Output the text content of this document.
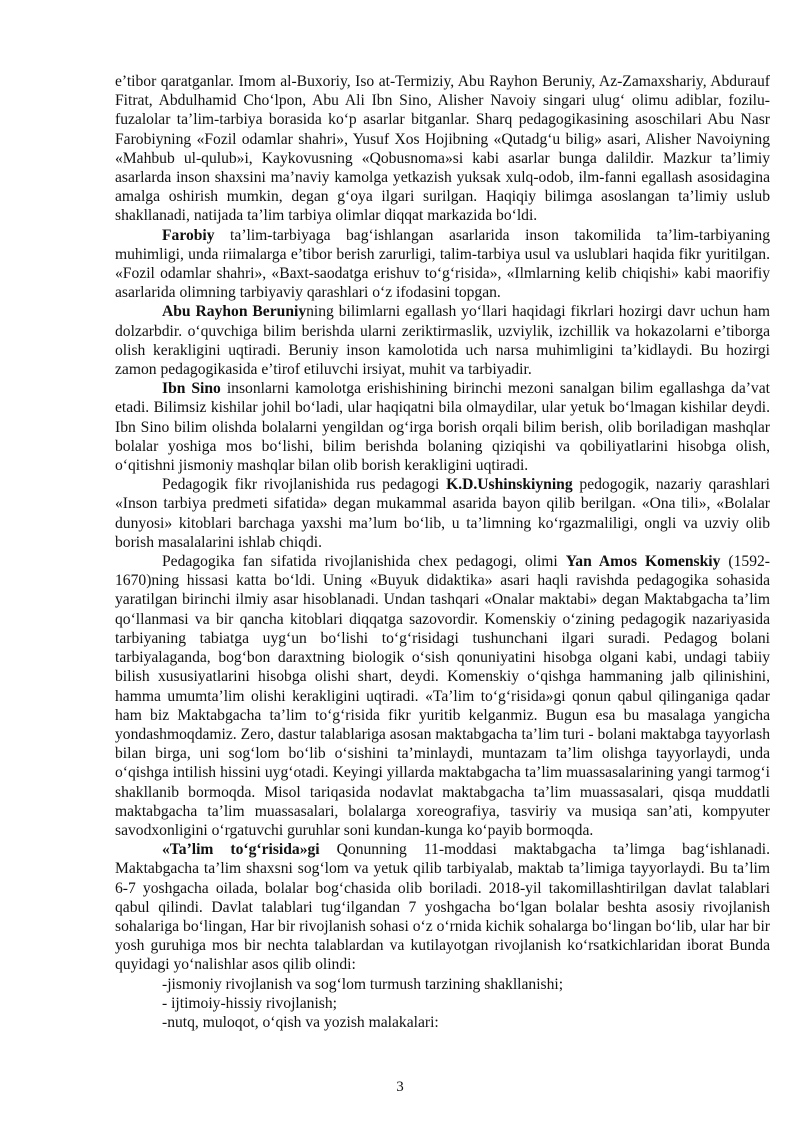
e’tibor qaratganlar. Imom al-Buxoriy, Iso at-Termiziy, Abu Rayhon Beruniy, Az-Zamaxshariy, Abdurauf Fitrat, Abdulhamid Cho‘lpon, Abu Ali Ibn Sino, Alisher Navoiy singari ulug‘ olimu adiblar, fozilu-fuzalolar ta’lim-tarbiya borasida ko‘p asarlar bitganlar. Sharq pedagogikasining asoschilari Abu Nasr Farobiyning «Fozil odamlar shahri», Yusuf Xos Hojibning «Qutadg‘u bilig» asari, Alisher Navoiyning «Mahbub ul-qulub»i, Kaykovusning «Qobusnoma»si kabi asarlar bunga dalildir. Mazkur ta’limiy asarlarda inson shaxsini ma’naviy kamolga yetkazish yuksak xulq-odob, ilm-fanni egallash asosidagina amalga oshirish mumkin, degan g‘oya ilgari surilgan. Haqiqiy bilimga asoslangan ta’limiy uslub shakllanadi, natijada ta’lim tarbiya olimlar diqqat markazida bo‘ldi.

Farobiy ta’lim-tarbiyaga bag‘ishlangan asarlarida inson takomilida ta’lim-tarbiyaning muhimligi, unda riimalarga e’tibor berish zarurligi, talim-tarbiya usul va uslublari haqida fikr yuritilgan. «Fozil odamlar shahri», «Baxt-saodatga erishuv to‘g‘risida», «Ilmlarning kelib chiqishi» kabi maorifiy asarlarida olimning tarbiyaviy qarashlari o‘z ifodasini topgan.

Abu Rayhon Beruniyning bilimlarni egallash yo‘llari haqidagi fikrlari hozirgi davr uchun ham dolzarbdir. o‘quvchiga bilim berishda ularni zeriktirmaslik, uzviylik, izchillik va hokazolarni e’tiborga olish kerakligini uqtiradi. Beruniy inson kamolotida uch narsa muhimligini ta’kidlaydi. Bu hozirgi zamon pedagogikasida e’tirof etiluvchi irsiyat, muhit va tarbiyadir.

Ibn Sino insonlarni kamolotga erishishining birinchi mezoni sanalgan bilim egallashga da’vat etadi. Bilimsiz kishilar johil bo‘ladi, ular haqiqatni bila olmaydilar, ular yetuk bo‘lmagan kishilar deydi. Ibn Sino bilim olishda bolalarni yengildan og‘irga borish orqali bilim berish, olib boriladigan mashqlar bolalar yoshiga mos bo‘lishi, bilim berishda bolaning qiziqishi va qobiliyatlarini hisobga olish, o‘qitishni jismoniy mashqlar bilan olib borish kerakligini uqtiradi.

Pedagogik fikr rivojlanishida rus pedagogi K.D.Ushinskiyning pedogogik, nazariy qarashlari «Inson tarbiya predmeti sifatida» degan mukammal asarida bayon qilib berilgan. «Ona tili», «Bolalar dunyosi» kitoblari barchaga yaxshi ma’lum bo‘lib, u ta’limning ko‘rgazmaliligi, ongli va uzviy olib borish masalalarini ishlab chiqdi.

Pedagogika fan sifatida rivojlanishida chex pedagogi, olimi Yan Amos Komenskiy (1592-1670)ning hissasi katta bo‘ldi. Uning «Buyuk didaktika» asari haqli ravishda pedagogika sohasida yaratilgan birinchi ilmiy asar hisoblanadi. Undan tashqari «Onalar maktabi» degan Maktabgacha ta’lim qo‘llanmasi va bir qancha kitoblari diqqatga sazovordir. Komenskiy o‘zining pedagogik nazariyasida tarbiyaning tabiatga uyg‘un bo‘lishi to‘g‘risidagi tushunchani ilgari suradi. Pedagog bolani tarbiyalaganda, bog‘bon daraxtning biologik o‘sish qonuniyatini hisobga olgani kabi, undagi tabiiy bilish xususiyatlarini hisobga olishi shart, deydi. Komenskiy o‘qishga hammaning jalb qilinishini, hamma umumta’lim olishi kerakligini uqtiradi. «Ta’lim to‘g‘risida»gi qonun qabul qilinganiga qadar ham biz Maktabgacha ta’lim to‘g‘risida fikr yuritib kelganmiz. Bugun esa bu masalaga yangicha yondashmoqdamiz. Zero, dastur talablariga asosan maktabgacha ta’lim turi - bolani maktabga tayyorlash bilan birga, uni sog‘lom bo‘lib o‘sishini ta’minlaydi, muntazam ta’lim olishga tayyorlaydi, unda o‘qishga intilish hissini uyg‘otadi. Keyingi yillarda maktabgacha ta’lim muassasalarining yangi tarmog‘i shakllanib bormoqda. Misol tariqasida nodavlat maktabgacha ta’lim muassasalari, qisqa muddatli maktabgacha ta’lim muassasalari, bolalarga xoreografiya, tasviriy va musiqa san’ati, kompyuter savodxonligini o‘rgatuvchi guruhlar soni kundan-kunga ko‘payib bormoqda.

«Ta’lim to‘g‘risida»gi Qonunning 11-moddasi maktabgacha ta’limga bag‘ishlanadi. Maktabgacha ta’lim shaxsni sog‘lom va yetuk qilib tarbiyalab, maktab ta’limiga tayyorlaydi. Bu ta’lim 6-7 yoshgacha oilada, bolalar bog‘chasida olib boriladi. 2018-yil takomillashtirilgan davlat talablari qabul qilindi. Davlat talablari tug‘ilgandan 7 yoshgacha bo‘lgan bolalar beshta asosiy rivojlanish sohalariga bo‘lingan, Har bir rivojlanish sohasi o‘z o‘rnida kichik sohalarga bo‘lingan bo‘lib, ular har bir yosh guruhiga mos bir nechta talablardan va kutilayotgan rivojlanish ko‘rsatkichlaridan iborat Bunda quyidagi yo‘nalishlar asos qilib olindi:

-jismoniy rivojlanish va sog‘lom turmush tarzining shakllanishi;

- ijtimoiy-hissiy rivojlanish;

-nutq, muloqot, o‘qish va yozish malakalari:

3
